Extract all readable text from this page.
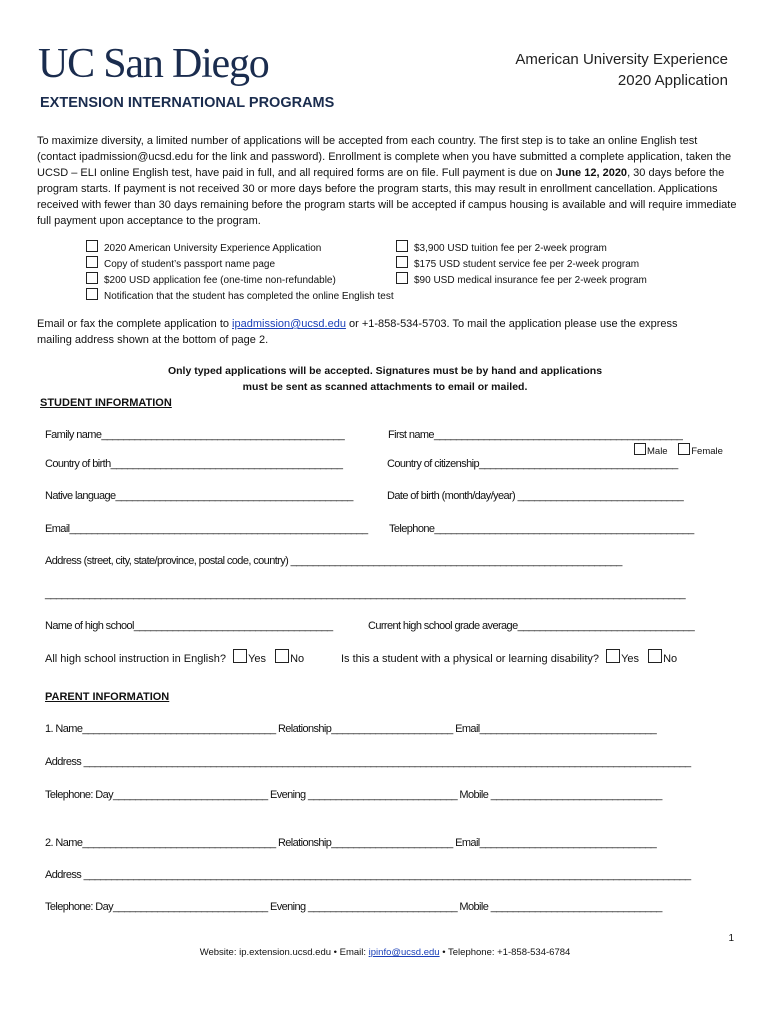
UC San Diego
EXTENSION INTERNATIONAL PROGRAMS
American University Experience
2020 Application
To maximize diversity, a limited number of applications will be accepted from each country. The first step is to take an online English test (contact ipadmission@ucsd.edu for the link and password). Enrollment is complete when you have submitted a complete application, taken the UCSD – ELI online English test, have paid in full, and all required forms are on file. Full payment is due on June 12, 2020, 30 days before the program starts. If payment is not received 30 or more days before the program starts, this may result in enrollment cancellation. Applications received with fewer than 30 days remaining before the program starts will be accepted if campus housing is available and will require immediate full payment upon acceptance to the program.
2020 American University Experience Application
Copy of student’s passport name page
$200 USD application fee (one-time non-refundable)
Notification that the student has completed the online English test
$3,900 USD tuition fee per 2-week program
$175 USD student service fee per 2-week program
$90 USD medical insurance fee per 2-week program
Email or fax the complete application to ipadmission@ucsd.edu or +1-858-534-5703. To mail the application please use the express
mailing address shown at the bottom of page 2.
Only typed applications will be accepted. Signatures must be by hand and applications
must be sent as scanned attachments to email or mailed.
STUDENT INFORMATION
Family name____________________________________________	First name_____________________________________________
Male Female
Country of birth__________________________________________	Country of citizenship____________________________________
Native language___________________________________________	Date of birth (month/day/year) ______________________________
Email______________________________________________________ Telephone_______________________________________________
Address (street, city, state/province, postal code, country) ____________________________________________________________
____________________________________________________________________________________________________________________
Name of high school____________________________________	Current high school grade average________________________________
All high school instruction in English? Yes No	Is this a student with a physical or learning disability? Yes No
PARENT INFORMATION
1. Name___________________________________ Relationship______________________ Email________________________________
Address ______________________________________________________________________________________________________________
Telephone: Day____________________________ Evening ___________________________ Mobile _______________________________
2. Name___________________________________ Relationship______________________ Email________________________________
Address ______________________________________________________________________________________________________________
Telephone: Day____________________________ Evening ___________________________ Mobile _______________________________
1
Website: ip.extension.ucsd.edu • Email: ipinfo@ucsd.edu • Telephone: +1-858-534-6784
